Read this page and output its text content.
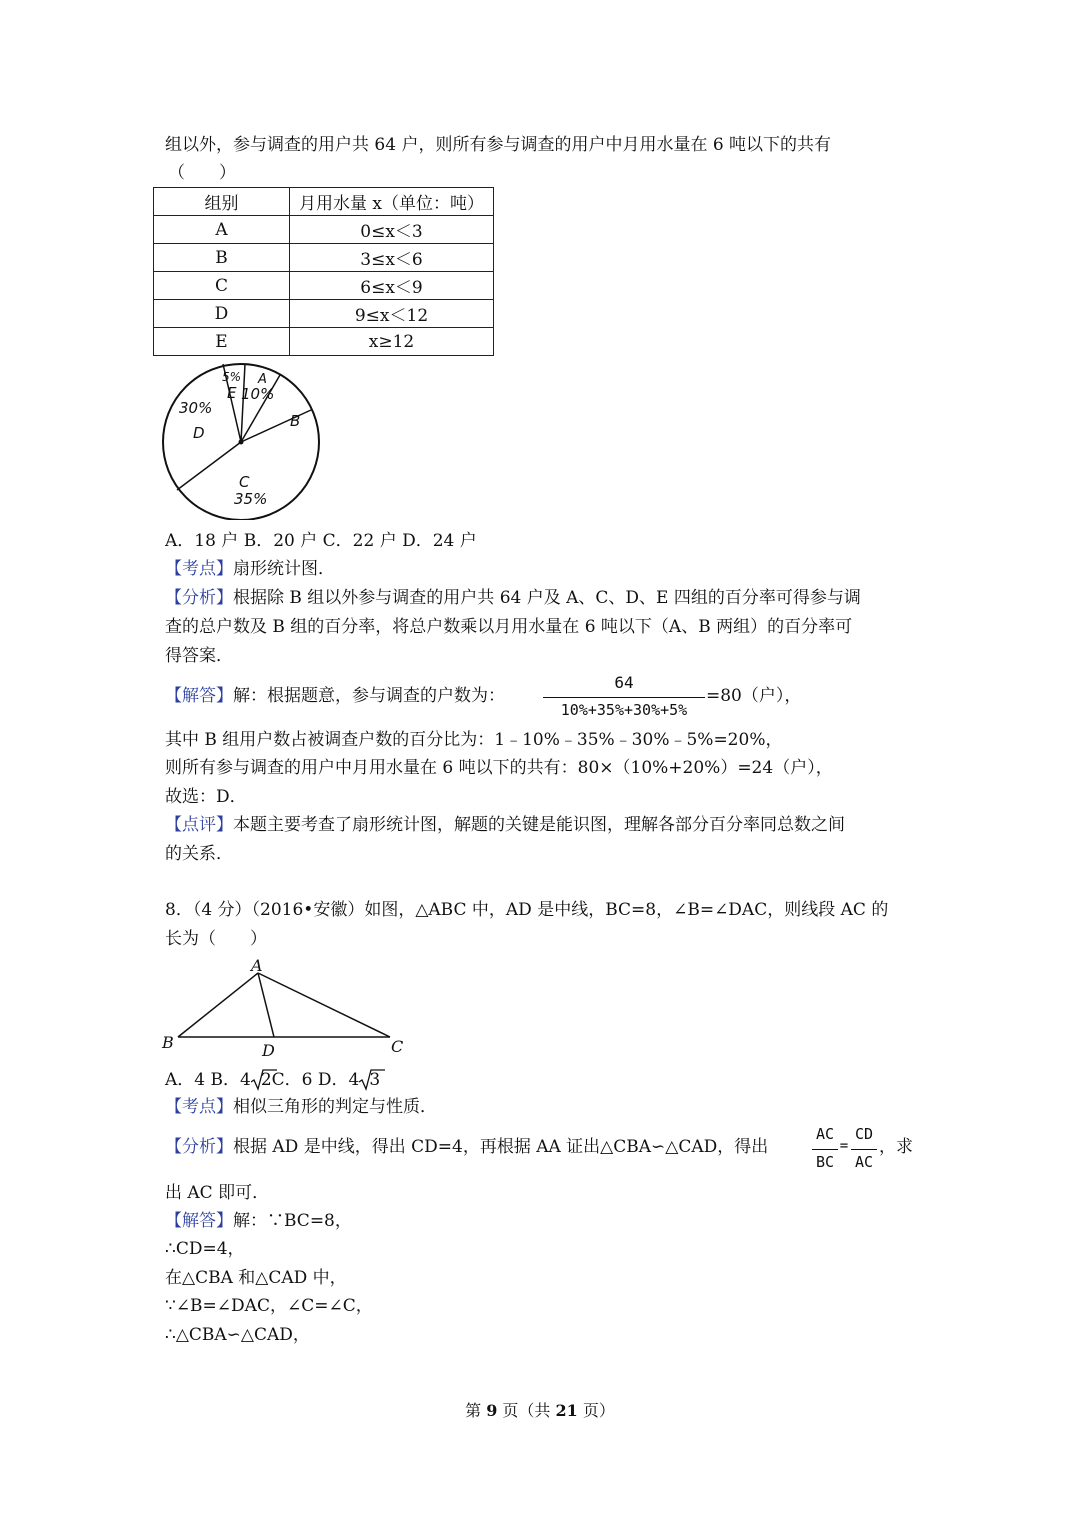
组以外，参与调查的用户共 64 户，则所有参与调查的用户中月用水量在 6 吨以下的共有
（　　）
组别	月用水量 x（单位：吨）
A	0≤x＜3
B	3≤x＜6
C	6≤x＜9
D	9≤x＜12
E	x≥12
5%
E
A
10%
B
30%
D
C
35%
A．18 户 B．20 户 C．22 户 D．24 户
【考点】扇形统计图．
【分析】根据除 B 组以外参与调查的用户共 64 户及 A、C、D、E 四组的百分率可得参与调
查的总户数及 B 组的百分率，将总户数乘以月用水量在 6 吨以下（A、B 两组）的百分率可
得答案．
【解答】解：根据题意，参与调查的户数为：
64
10%+35%+30%+5%
=80（户），
其中 B 组用户数占被调查户数的百分比为：1﹣10%﹣35%﹣30%﹣5%=20%，
则所有参与调查的用户中月用水量在 6 吨以下的共有：80×（10%+20%）=24（户），
故选：D．
【点评】本题主要考查了扇形统计图，解题的关键是能识图，理解各部分百分率同总数之间
的关系．
8．（4 分）（2016•安徽）如图，△ABC 中，AD 是中线，BC=8，∠B=∠DAC，则线段 AC 的
长为（　　）
A
B	D	C
A．4 B．4 2C．6 D．4 3
【考点】相似三角形的判定与性质．
【分析】根据 AD 是中线，得出 CD=4，再根据 AA 证出△CBA∽△CAD，得出
AC
BC
=
CD
AC
，求
出 AC 即可．
【解答】解：∵BC=8，
∴CD=4，
在△CBA 和△CAD 中，
∵∠B=∠DAC，∠C=∠C，
∴△CBA∽△CAD，
第 9 页（共 21 页）
